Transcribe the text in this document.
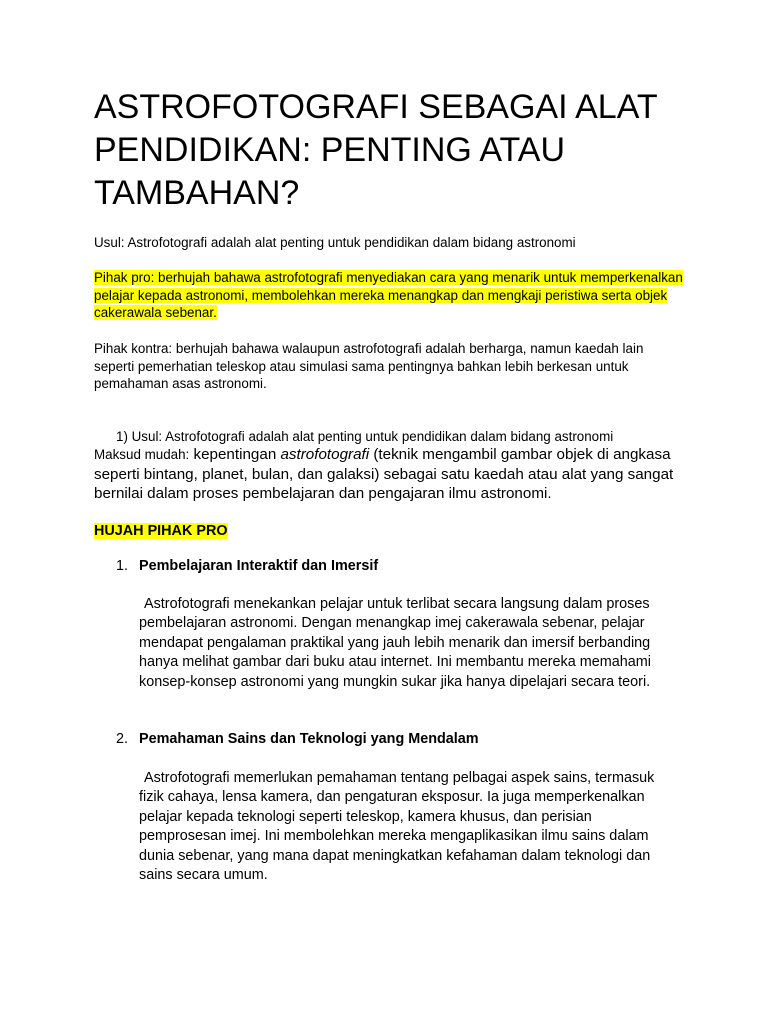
ASTROFOTOGRAFI SEBAGAI ALAT PENDIDIKAN: PENTING ATAU TAMBAHAN?

Usul: Astrofotografi adalah alat penting untuk pendidikan dalam bidang astronomi

Pihak pro: berhujah bahawa astrofotografi menyediakan cara yang menarik untuk memperkenalkan pelajar kepada astronomi, membolehkan mereka menangkap dan mengkaji peristiwa serta objek cakerawala sebenar.

Pihak kontra: berhujah bahawa walaupun astrofotografi adalah berharga, namun kaedah lain seperti pemerhatian teleskop atau simulasi sama pentingnya bahkan lebih berkesan untuk pemahaman asas astronomi.

1) Usul: Astrofotografi adalah alat penting untuk pendidikan dalam bidang astronomi

Maksud mudah: kepentingan astrofotografi (teknik mengambil gambar objek di angkasa seperti bintang, planet, bulan, dan galaksi) sebagai satu kaedah atau alat yang sangat bernilai dalam proses pembelajaran dan pengajaran ilmu astronomi.

HUJAH PIHAK PRO

1. Pembelajaran Interaktif dan Imersif

Astrofotografi menekankan pelajar untuk terlibat secara langsung dalam proses pembelajaran astronomi. Dengan menangkap imej cakerawala sebenar, pelajar mendapat pengalaman praktikal yang jauh lebih menarik dan imersif berbanding hanya melihat gambar dari buku atau internet. Ini membantu mereka memahami konsep-konsep astronomi yang mungkin sukar jika hanya dipelajari secara teori.

2. Pemahaman Sains dan Teknologi yang Mendalam

Astrofotografi memerlukan pemahaman tentang pelbagai aspek sains, termasuk fizik cahaya, lensa kamera, dan pengaturan eksposur. Ia juga memperkenalkan pelajar kepada teknologi seperti teleskop, kamera khusus, dan perisian pemprosesan imej. Ini membolehkan mereka mengaplikasikan ilmu sains dalam dunia sebenar, yang mana dapat meningkatkan kefahaman dalam teknologi dan sains secara umum.
